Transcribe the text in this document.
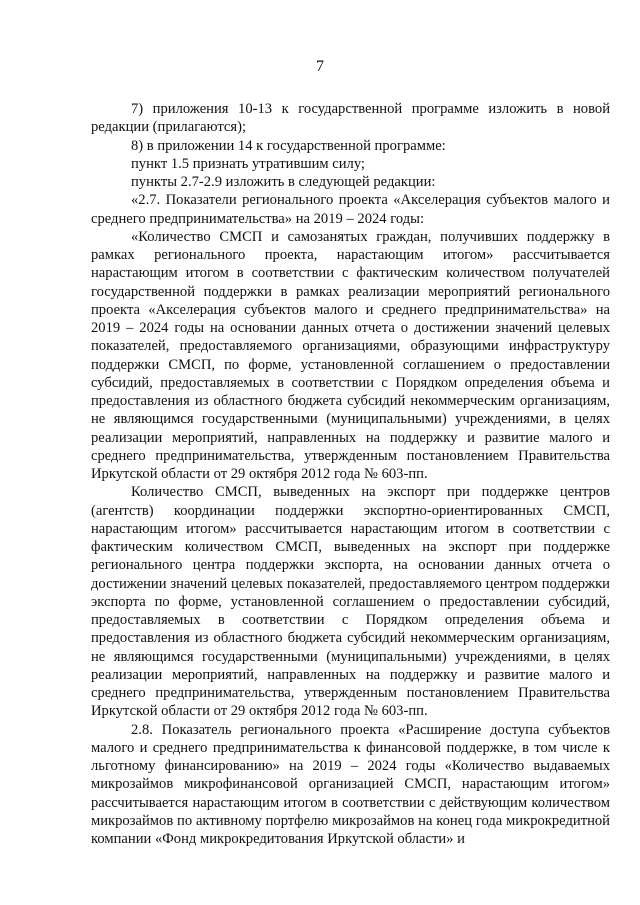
7

7) приложения 10-13 к государственной программе изложить в новой редакции (прилагаются);

8) в приложении 14 к государственной программе:

пункт 1.5 признать утратившим силу;

пункты 2.7-2.9 изложить в следующей редакции:

«2.7. Показатели регионального проекта «Акселерация субъектов малого и среднего предпринимательства» на 2019 – 2024 годы:

«Количество СМСП и самозанятых граждан, получивших поддержку в рамках регионального проекта, нарастающим итогом» рассчитывается нарастающим итогом в соответствии с фактическим количеством получателей государственной поддержки в рамках реализации мероприятий регионального проекта «Акселерация субъектов малого и среднего предпринимательства» на 2019 – 2024 годы на основании данных отчета о достижении значений целевых показателей, предоставляемого организациями, образующими инфраструктуру поддержки СМСП, по форме, установленной соглашением о предоставлении субсидий, предоставляемых в соответствии с Порядком определения объема и предоставления из областного бюджета субсидий некоммерческим организациям, не являющимся государственными (муниципальными) учреждениями, в целях реализации мероприятий, направленных на поддержку и развитие малого и среднего предпринимательства, утвержденным постановлением Правительства Иркутской области от 29 октября 2012 года № 603-пп.

Количество СМСП, выведенных на экспорт при поддержке центров (агентств) координации поддержки экспортно-ориентированных СМСП, нарастающим итогом» рассчитывается нарастающим итогом в соответствии с фактическим количеством СМСП, выведенных на экспорт при поддержке регионального центра поддержки экспорта, на основании данных отчета о достижении значений целевых показателей, предоставляемого центром поддержки экспорта по форме, установленной соглашением о предоставлении субсидий, предоставляемых в соответствии с Порядком определения объема и предоставления из областного бюджета субсидий некоммерческим организациям, не являющимся государственными (муниципальными) учреждениями, в целях реализации мероприятий, направленных на поддержку и развитие малого и среднего предпринимательства, утвержденным постановлением Правительства Иркутской области от 29 октября 2012 года № 603-пп.

2.8. Показатель регионального проекта «Расширение доступа субъектов малого и среднего предпринимательства к финансовой поддержке, в том числе к льготному финансированию» на 2019 – 2024 годы «Количество выдаваемых микрозаймов микрофинансовой организацией СМСП, нарастающим итогом» рассчитывается нарастающим итогом в соответствии с действующим количеством микрозаймов по активному портфелю микрозаймов на конец года микрокредитной компании «Фонд микрокредитования Иркутской области» и
